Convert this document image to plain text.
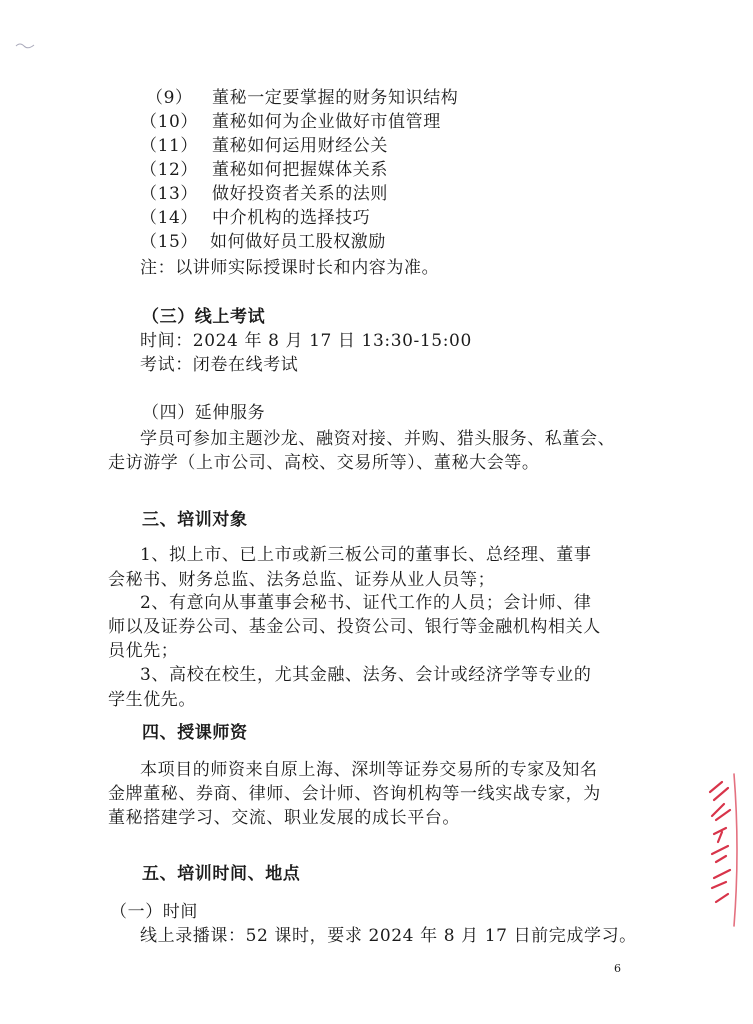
（9） 董秘一定要掌握的财务知识结构
（10） 董秘如何为企业做好市值管理
（11） 董秘如何运用财经公关
（12） 董秘如何把握媒体关系
（13） 做好投资者关系的法则
（14） 中介机构的选择技巧
（15） 如何做好员工股权激励
注：以讲师实际授课时长和内容为准。
（三）线上考试
时间：2024 年 8 月 17 日 13:30-15:00
考试：闭卷在线考试
（四）延伸服务
学员可参加主题沙龙、融资对接、并购、猎头服务、私董会、
走访游学（上市公司、高校、交易所等）、董秘大会等。
三、培训对象
1、拟上市、已上市或新三板公司的董事长、总经理、董事
会秘书、财务总监、法务总监、证券从业人员等；
2、有意向从事董事会秘书、证代工作的人员；会计师、律
师以及证券公司、基金公司、投资公司、银行等金融机构相关人
员优先；
3、高校在校生，尤其金融、法务、会计或经济学等专业的
学生优先。
四、授课师资
本项目的师资来自原上海、深圳等证券交易所的专家及知名
金牌董秘、券商、律师、会计师、咨询机构等一线实战专家，为
董秘搭建学习、交流、职业发展的成长平台。
五、培训时间、地点
（一）时间
线上录播课：52 课时，要求 2024 年 8 月 17 日前完成学习。
6
